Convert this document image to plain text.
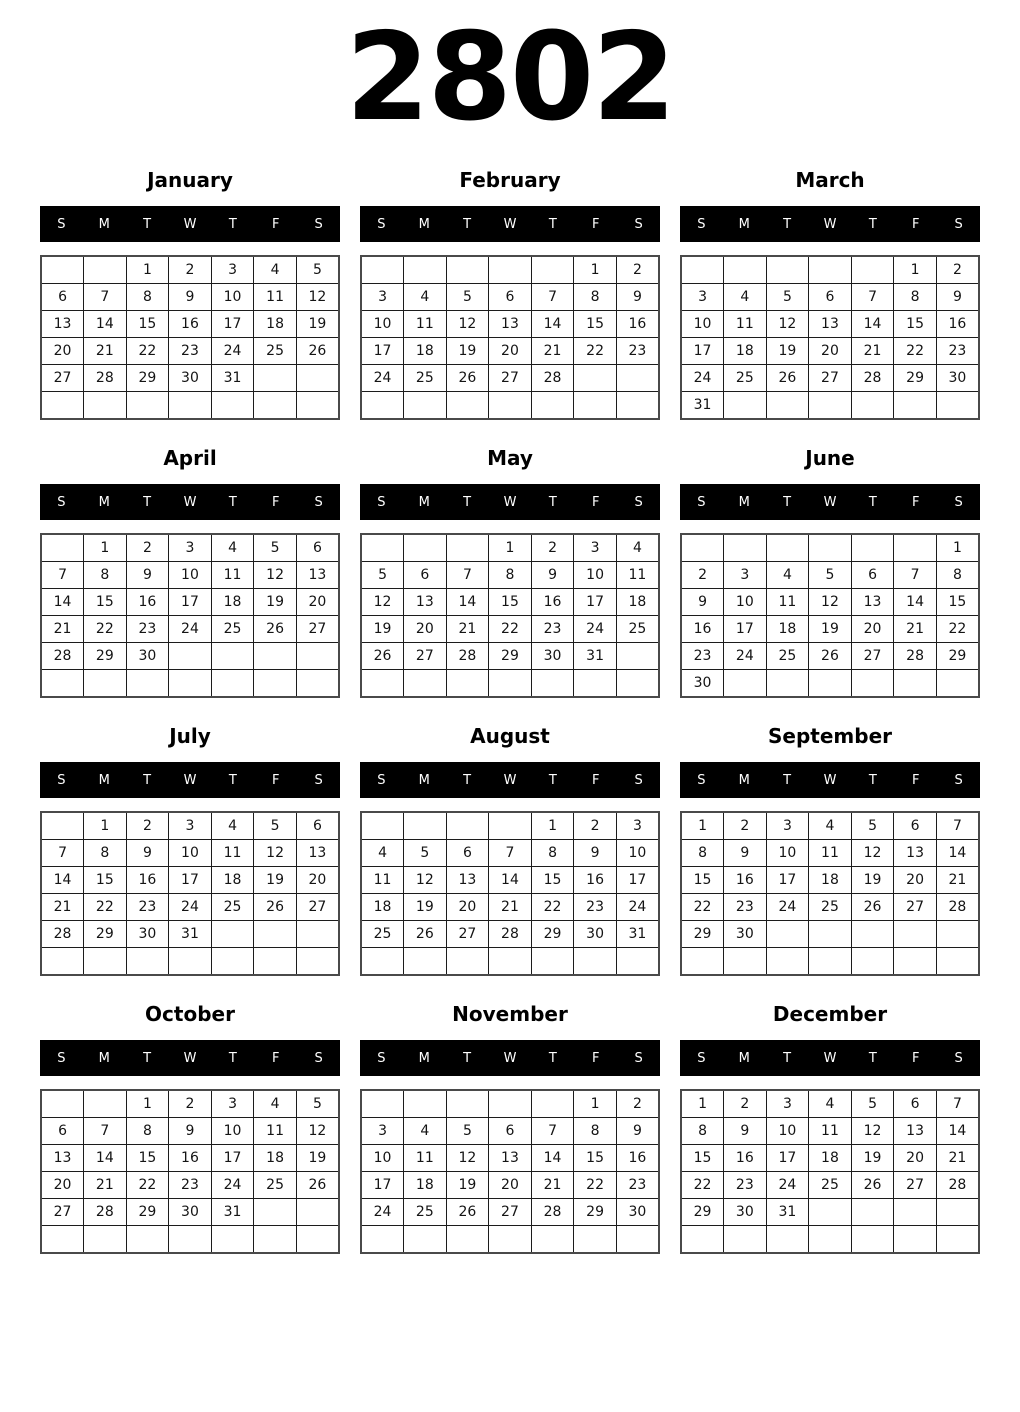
2802
January
S	M	T	W	T	F	S
		1	2	3	4	5
6	7	8	9	10	11	12
13	14	15	16	17	18	19
20	21	22	23	24	25	26
27	28	29	30	31		

February
S	M	T	W	T	F	S
					1	2
3	4	5	6	7	8	9
10	11	12	13	14	15	16
17	18	19	20	21	22	23
24	25	26	27	28		

March
S	M	T	W	T	F	S
					1	2
3	4	5	6	7	8	9
10	11	12	13	14	15	16
17	18	19	20	21	22	23
24	25	26	27	28	29	30
31						
April
S	M	T	W	T	F	S
	1	2	3	4	5	6
7	8	9	10	11	12	13
14	15	16	17	18	19	20
21	22	23	24	25	26	27
28	29	30				

May
S	M	T	W	T	F	S
			1	2	3	4
5	6	7	8	9	10	11
12	13	14	15	16	17	18
19	20	21	22	23	24	25
26	27	28	29	30	31	

June
S	M	T	W	T	F	S
						1
2	3	4	5	6	7	8
9	10	11	12	13	14	15
16	17	18	19	20	21	22
23	24	25	26	27	28	29
30						
July
S	M	T	W	T	F	S
	1	2	3	4	5	6
7	8	9	10	11	12	13
14	15	16	17	18	19	20
21	22	23	24	25	26	27
28	29	30	31			

August
S	M	T	W	T	F	S
				1	2	3
4	5	6	7	8	9	10
11	12	13	14	15	16	17
18	19	20	21	22	23	24
25	26	27	28	29	30	31

September
S	M	T	W	T	F	S
1	2	3	4	5	6	7
8	9	10	11	12	13	14
15	16	17	18	19	20	21
22	23	24	25	26	27	28
29	30					

October
S	M	T	W	T	F	S
		1	2	3	4	5
6	7	8	9	10	11	12
13	14	15	16	17	18	19
20	21	22	23	24	25	26
27	28	29	30	31		

November
S	M	T	W	T	F	S
					1	2
3	4	5	6	7	8	9
10	11	12	13	14	15	16
17	18	19	20	21	22	23
24	25	26	27	28	29	30

December
S	M	T	W	T	F	S
1	2	3	4	5	6	7
8	9	10	11	12	13	14
15	16	17	18	19	20	21
22	23	24	25	26	27	28
29	30	31				
